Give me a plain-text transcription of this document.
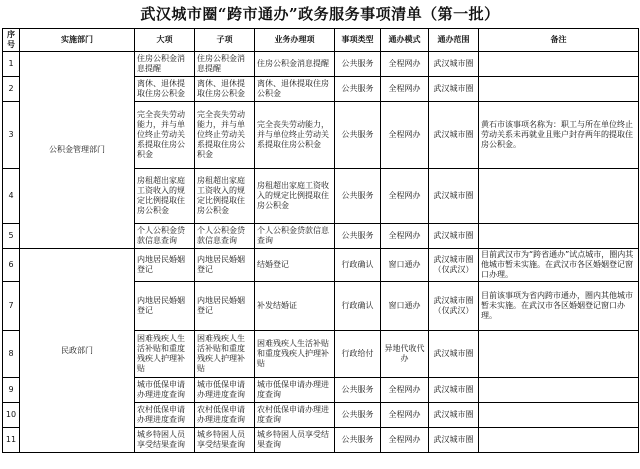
武汉城市圈“跨市通办”政务服务事项清单（第一批）
序号	实施部门	大项	子项	业务办理项	事项类型	通办模式	通办范围	备注
1	公积金管理部门	住房公积金消息提醒	住房公积金消息提醒	住房公积金消息提醒	公共服务	全程网办	武汉城市圈	
2		离休、退休提取住房公积金	离休、退休提取住房公积金	离休、退休提取住房公积金	公共服务	全程网办	武汉城市圈	
3		完全丧失劳动能力，并与单位终止劳动关系提取住房公积金	完全丧失劳动能力，并与单位终止劳动关系提取住房公积金	完全丧失劳动能力，并与单位终止劳动关系提取住房公积金	公共服务	全程网办	武汉城市圈	黄石市该事项名称为：职工与所在单位终止劳动关系未再就业且账户封存两年的提取住房公积金。
4		房租超出家庭工资收入的规定比例提取住房公积金	房租超出家庭工资收入的规定比例提取住房公积金	房租超出家庭工资收入的规定比例提取住房公积金	公共服务	全程网办	武汉城市圈	
5		个人公积金贷款信息查询	个人公积金贷款信息查询	个人公积金贷款信息查询	公共服务	全程网办	武汉城市圈	
6	民政部门	内地居民婚姻登记	内地居民婚姻登记	结婚登记	行政确认	窗口通办	武汉城市圈（仅武汉）	目前武汉市为“跨省通办”试点城市，圈内其他城市暂未实施。在武汉市各区婚姻登记窗口办理。
7		内地居民婚姻登记	内地居民婚姻登记	补发结婚证	行政确认	窗口通办	武汉城市圈（仅武汉）	目前该事项为省内跨市通办，圈内其他城市暂未实施。在武汉市各区婚姻登记窗口办理。
8		困难残疾人生活补贴和重度残疾人护理补贴	困难残疾人生活补贴和重度残疾人护理补贴	困难残疾人生活补贴和重度残疾人护理补贴	行政给付	异地代收代办	武汉城市圈	
9		城市低保申请办理进度查询	城市低保申请办理进度查询	城市低保申请办理进度查询	公共服务	全程网办	武汉城市圈	
10		农村低保申请办理进度查询	农村低保申请办理进度查询	农村低保申请办理进度查询	公共服务	全程网办	武汉城市圈	
11		城乡特困人员享受结果查询	城乡特困人员享受结果查询	城乡特困人员享受结果查询	公共服务	全程网办	武汉城市圈	
